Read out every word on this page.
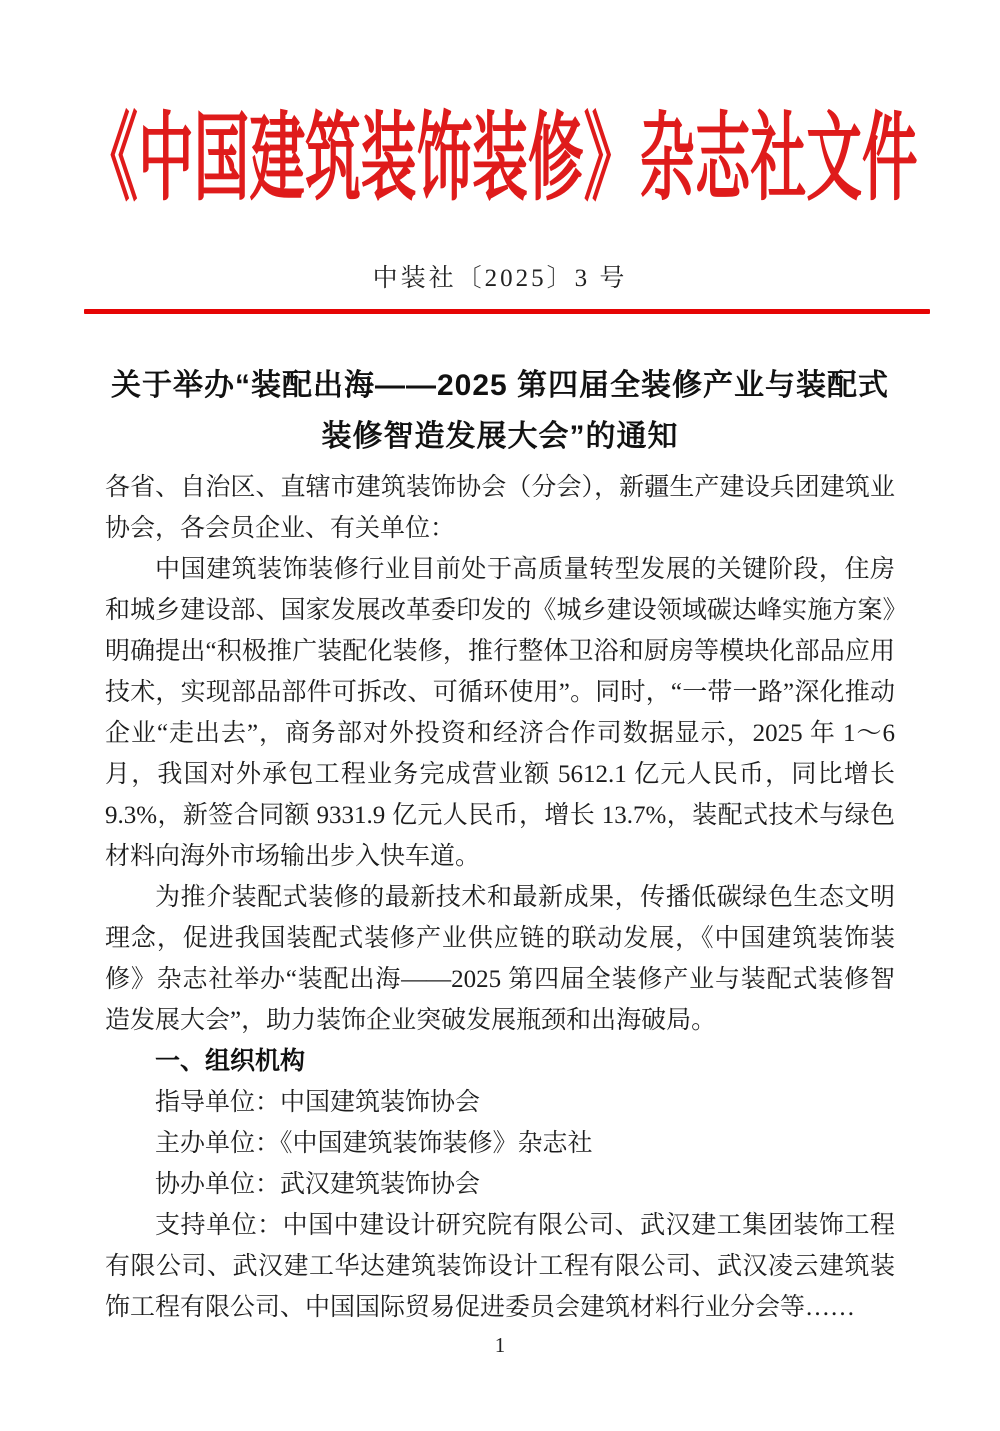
《中国建筑装饰装修》杂志社文件
中装社〔2025〕3 号
关于举办“装配出海——2025 第四届全装修产业与装配式
装修智造发展大会”的通知

各省、自治区、直辖市建筑装饰协会（分会），新疆生产建设兵团建筑业协会，各会员企业、有关单位：

中国建筑装饰装修行业目前处于高质量转型发展的关键阶段，住房和城乡建设部、国家发展改革委印发的《城乡建设领域碳达峰实施方案》明确提出“积极推广装配化装修，推行整体卫浴和厨房等模块化部品应用技术，实现部品部件可拆改、可循环使用”。同时，“一带一路”深化推动企业“走出去”，商务部对外投资和经济合作司数据显示，2025 年 1～6 月，我国对外承包工程业务完成营业额 5612.1 亿元人民币，同比增长 9.3%，新签合同额 9331.9 亿元人民币，增长 13.7%，装配式技术与绿色材料向海外市场输出步入快车道。

为推介装配式装修的最新技术和最新成果，传播低碳绿色生态文明理念，促进我国装配式装修产业供应链的联动发展，《中国建筑装饰装修》杂志社举办“装配出海——2025 第四届全装修产业与装配式装修智造发展大会”，助力装饰企业突破发展瓶颈和出海破局。

一、组织机构

指导单位：中国建筑装饰协会

主办单位：《中国建筑装饰装修》杂志社

协办单位：武汉建筑装饰协会

支持单位：中国中建设计研究院有限公司、武汉建工集团装饰工程有限公司、武汉建工华达建筑装饰设计工程有限公司、武汉凌云建筑装饰工程有限公司、中国国际贸易促进委员会建筑材料行业分会等……

1
